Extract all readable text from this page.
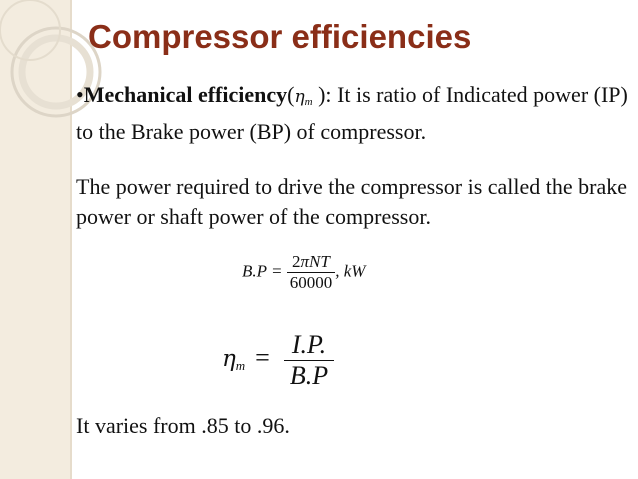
Compressor efficiencies
•Mechanical $efficiency(\eta_m$ ): It is ratio of Indicated power (IP) to the Brake power (BP) of compressor.
The power required to drive the compressor is called the brake power or shaft power of the compressor.
$B.P = \frac{\text{2πNT}}{60000}$ , kW
$\eta_m = \frac{I.P.}{B.P}$
It varies from .85 to .96.
